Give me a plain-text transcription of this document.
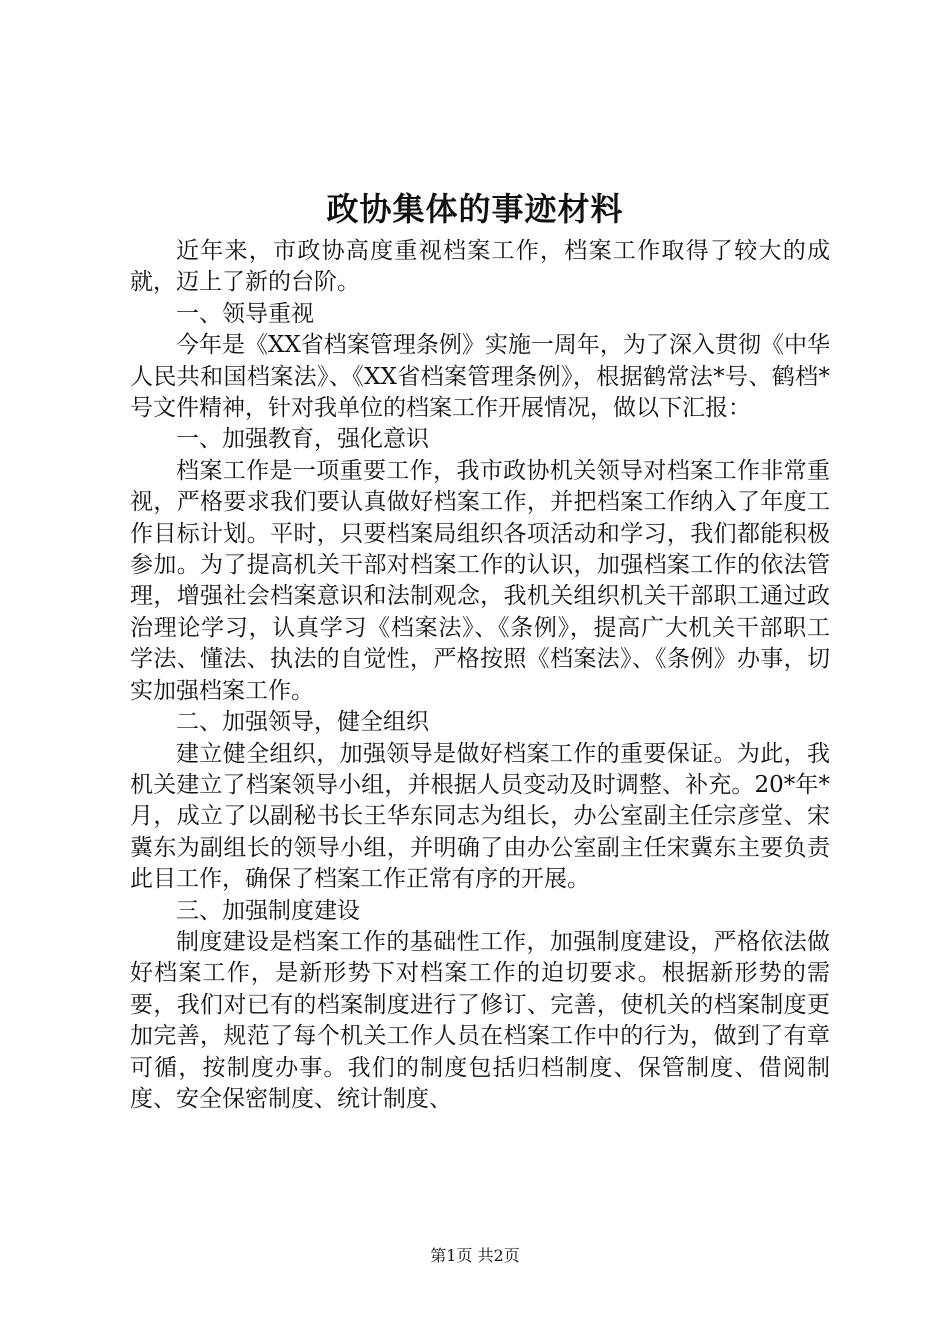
政协集体的事迹材料

近年来，市政协高度重视档案工作，档案工作取得了较大的成就，迈上了新的台阶。

一、领导重视

今年是《XX省档案管理条例》实施一周年，为了深入贯彻《中华人民共和国档案法》、《XX省档案管理条例》，根据鹤常法*号、鹤档*号文件精神，针对我单位的档案工作开展情况，做以下汇报：

一、加强教育，强化意识

档案工作是一项重要工作，我市政协机关领导对档案工作非常重视，严格要求我们要认真做好档案工作，并把档案工作纳入了年度工作目标计划。平时，只要档案局组织各项活动和学习，我们都能积极参加。为了提高机关干部对档案工作的认识，加强档案工作的依法管理，增强社会档案意识和法制观念，我机关组织机关干部职工通过政治理论学习，认真学习《档案法》、《条例》，提高广大机关干部职工学法、懂法、执法的自觉性，严格按照《档案法》、《条例》办事，切实加强档案工作。

二、加强领导，健全组织

建立健全组织，加强领导是做好档案工作的重要保证。为此，我机关建立了档案领导小组，并根据人员变动及时调整、补充。20*年*月，成立了以副秘书长王华东同志为组长，办公室副主任宗彦堂、宋冀东为副组长的领导小组，并明确了由办公室副主任宋冀东主要负责此目工作，确保了档案工作正常有序的开展。

三、加强制度建设

制度建设是档案工作的基础性工作，加强制度建设，严格依法做好档案工作，是新形势下对档案工作的迫切要求。根据新形势的需要，我们对已有的档案制度进行了修订、完善，使机关的档案制度更加完善，规范了每个机关工作人员在档案工作中的行为，做到了有章可循，按制度办事。我们的制度包括归档制度、保管制度、借阅制度、安全保密制度、统计制度、

第1页 共2页
